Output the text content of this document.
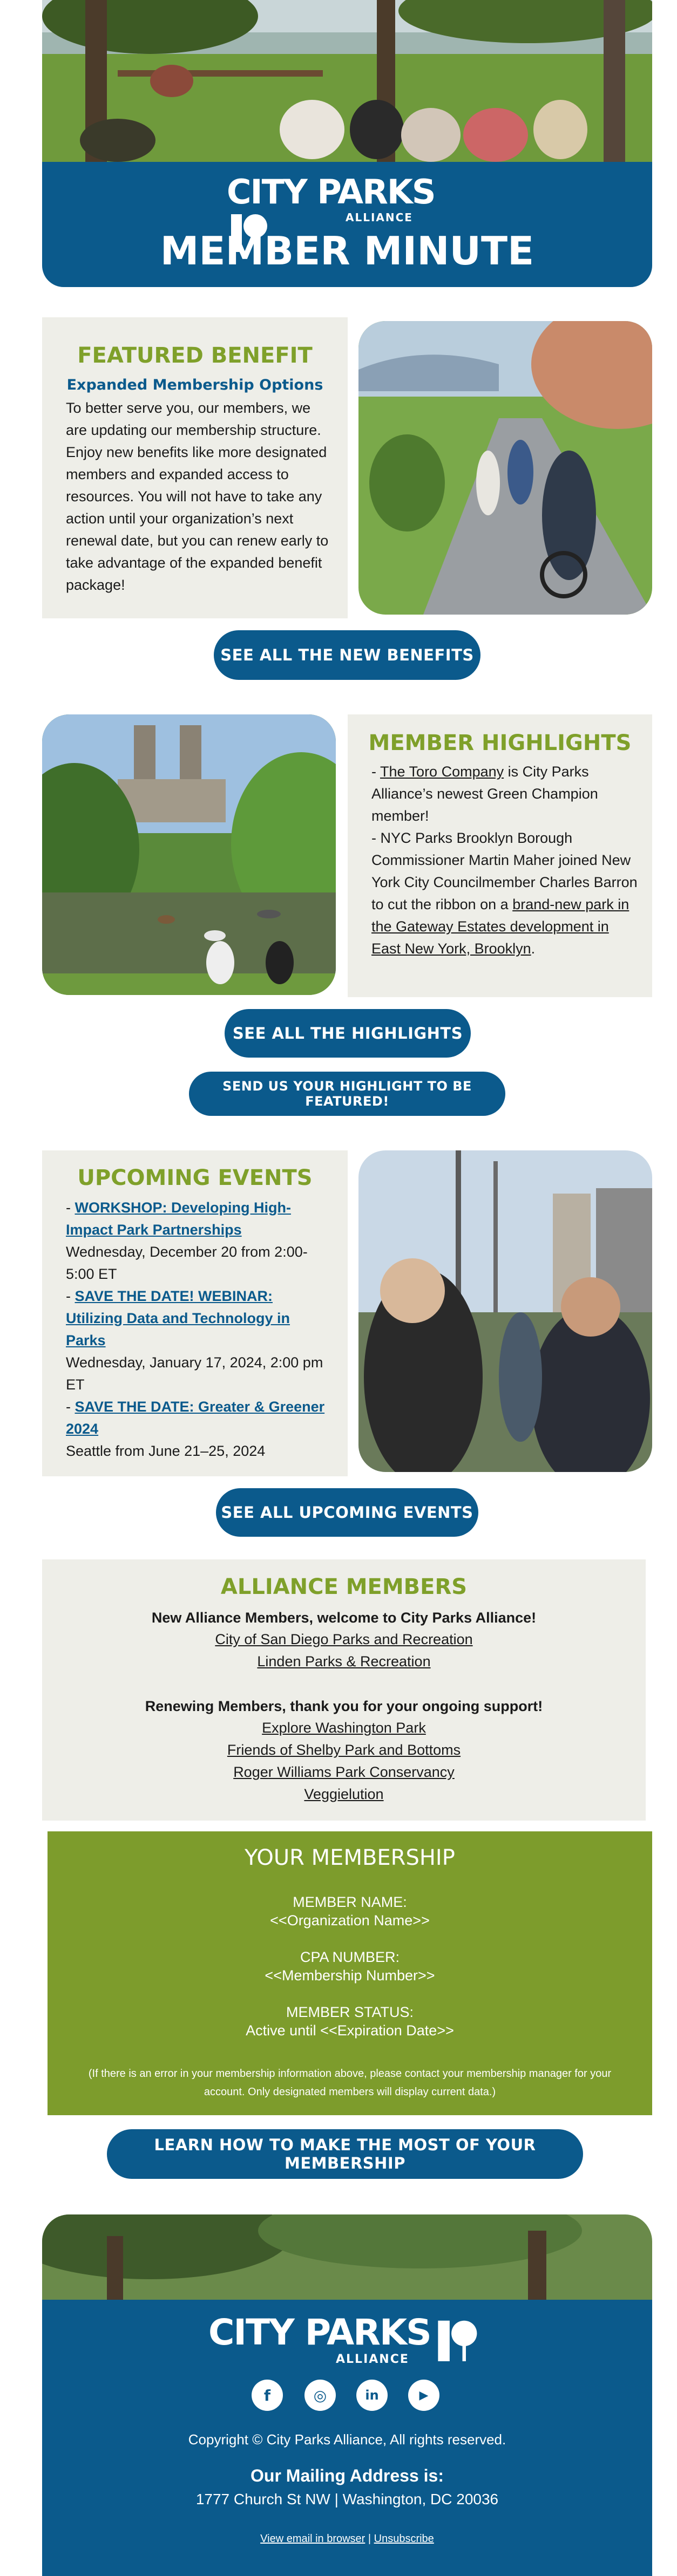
CITY PARKS
ALLIANCE
MEMBER MINUTE
FEATURED BENEFIT
Expanded Membership Options
To better serve you, our members, we are updating our membership structure. Enjoy new benefits like more designated members and expanded access to resources. You will not have to take any action until your organization’s next renewal date, but you can renew early to take advantage of the expanded benefit package!
SEE ALL THE NEW BENEFITS
MEMBER HIGHLIGHTS
- The Toro Company is City Parks Alliance’s newest Green Champion member!
- NYC Parks Brooklyn Borough Commissioner Martin Maher joined New York City Councilmember Charles Barron to cut the ribbon on a brand-new park in the Gateway Estates development in East New York, Brooklyn.
SEE ALL THE HIGHLIGHTS
SEND US YOUR HIGHLIGHT TO BE FEATURED!
UPCOMING EVENTS
- WORKSHOP: Developing High-Impact Park Partnerships
Wednesday, December 20 from 2:00-5:00 ET
- SAVE THE DATE! WEBINAR: Utilizing Data and Technology in Parks
Wednesday, January 17, 2024, 2:00 pm ET
- SAVE THE DATE: Greater & Greener 2024
Seattle from June 21–25, 2024
SEE ALL UPCOMING EVENTS
ALLIANCE MEMBERS
New Alliance Members, welcome to City Parks Alliance!
City of San Diego Parks and Recreation
Linden Parks & Recreation
Renewing Members, thank you for your ongoing support!
Explore Washington Park
Friends of Shelby Park and Bottoms
Roger Williams Park Conservancy
Veggielution
YOUR MEMBERSHIP
MEMBER NAME:
<<Organization Name>>
CPA NUMBER:
<<Membership Number>>
MEMBER STATUS:
Active until <<Expiration Date>>
(If there is an error in your membership information above, please contact your membership manager for your account. Only designated members will display current data.)
LEARN HOW TO MAKE THE MOST OF YOUR MEMBERSHIP
CITY PARKS
ALLIANCE
f	◎	in	▶
Copyright © City Parks Alliance, All rights reserved.
Our Mailing Address is:
1777 Church St NW | Washington, DC 20036
View email in browser | Unsubscribe
